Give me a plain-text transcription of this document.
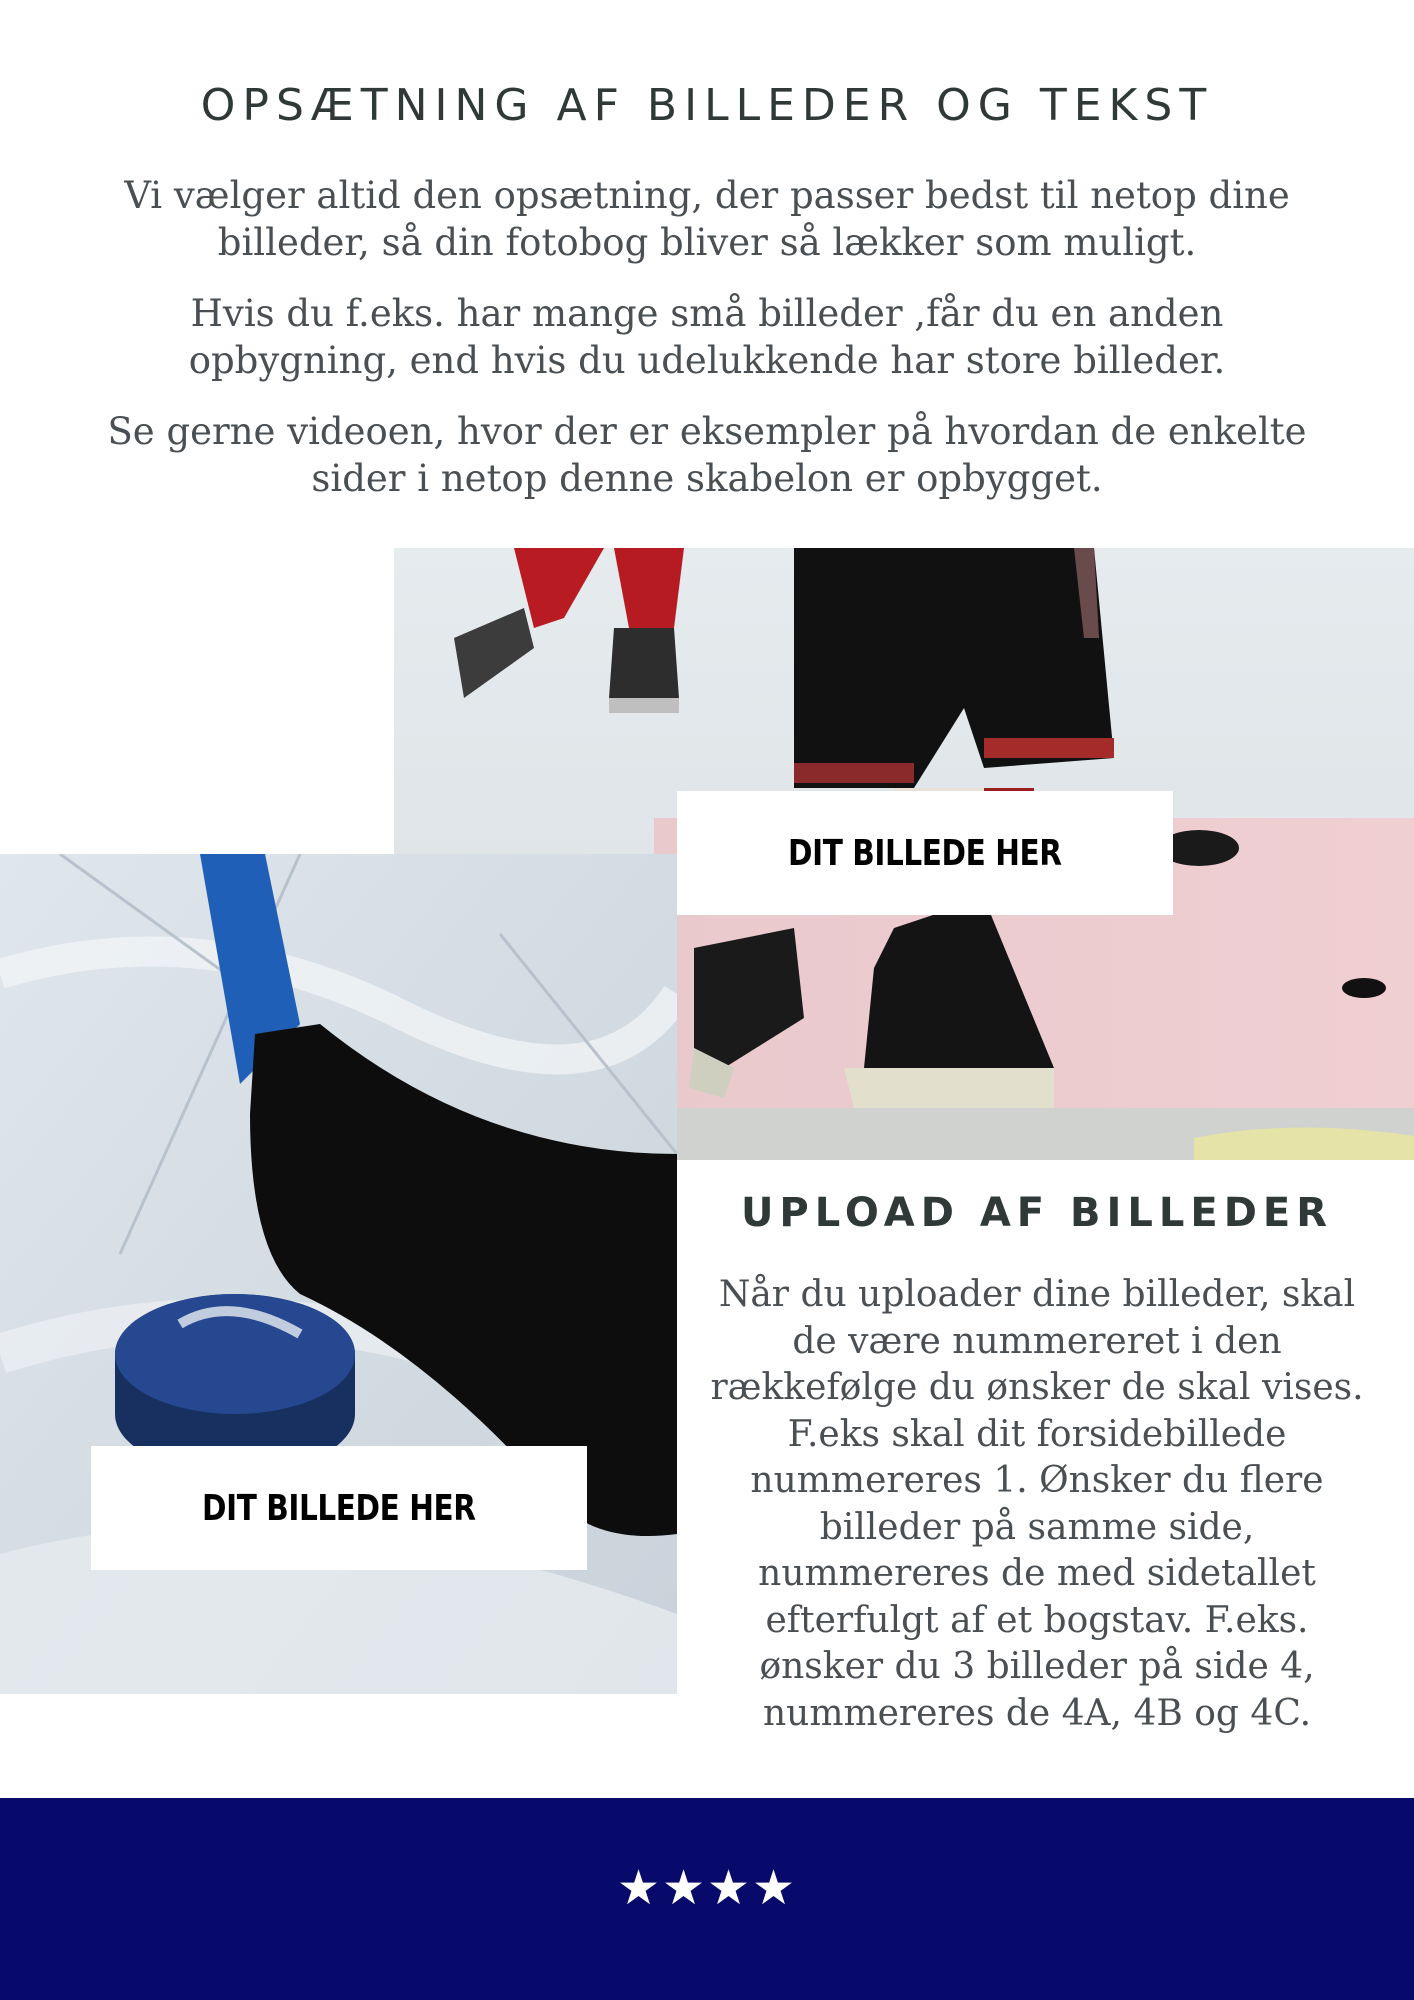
OPSÆTNING AF BILLEDER OG TEKST

Vi vælger altid den opsætning, der passer bedst til netop dine billeder, så din fotobog bliver så lækker som muligt.

Hvis du f.eks. har mange små billeder ,får du en anden opbygning, end hvis du udelukkende har store billeder.

Se gerne videoen, hvor der er eksempler på hvordan de enkelte sider i netop denne skabelon er opbygget.

DIT BILLEDE HER
DIT BILLEDE HER
UPLOAD AF BILLEDER

Når du uploader dine billeder, skal de være nummereret i den rækkefølge du ønsker de skal vises. F.eks skal dit forsidebillede nummereres 1. Ønsker du flere billeder på samme side, nummereres de med sidetallet efterfulgt af et bogstav. F.eks. ønsker du 3 billeder på side 4, nummereres de 4A, 4B og 4C.

★★★★
